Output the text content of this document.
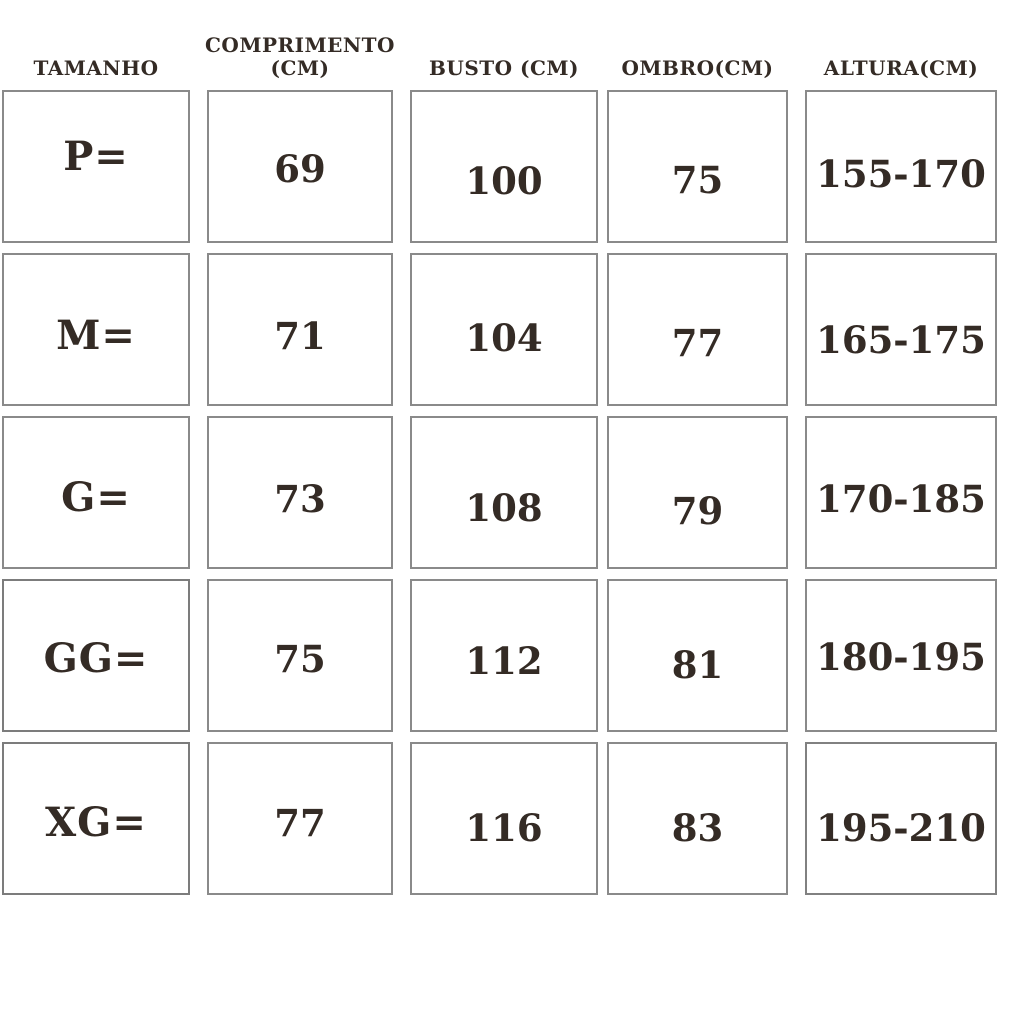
TAMANHO
P=
M=
G=
GG=
XG=
COMPRIMENTO (CM)
69
71
73
75
77
BUSTO (CM)
100
104
108
112
116
OMBRO(CM)
75
77
79
81
83
ALTURA(CM)
155-170
165-175
170-185
180-195
195-210
